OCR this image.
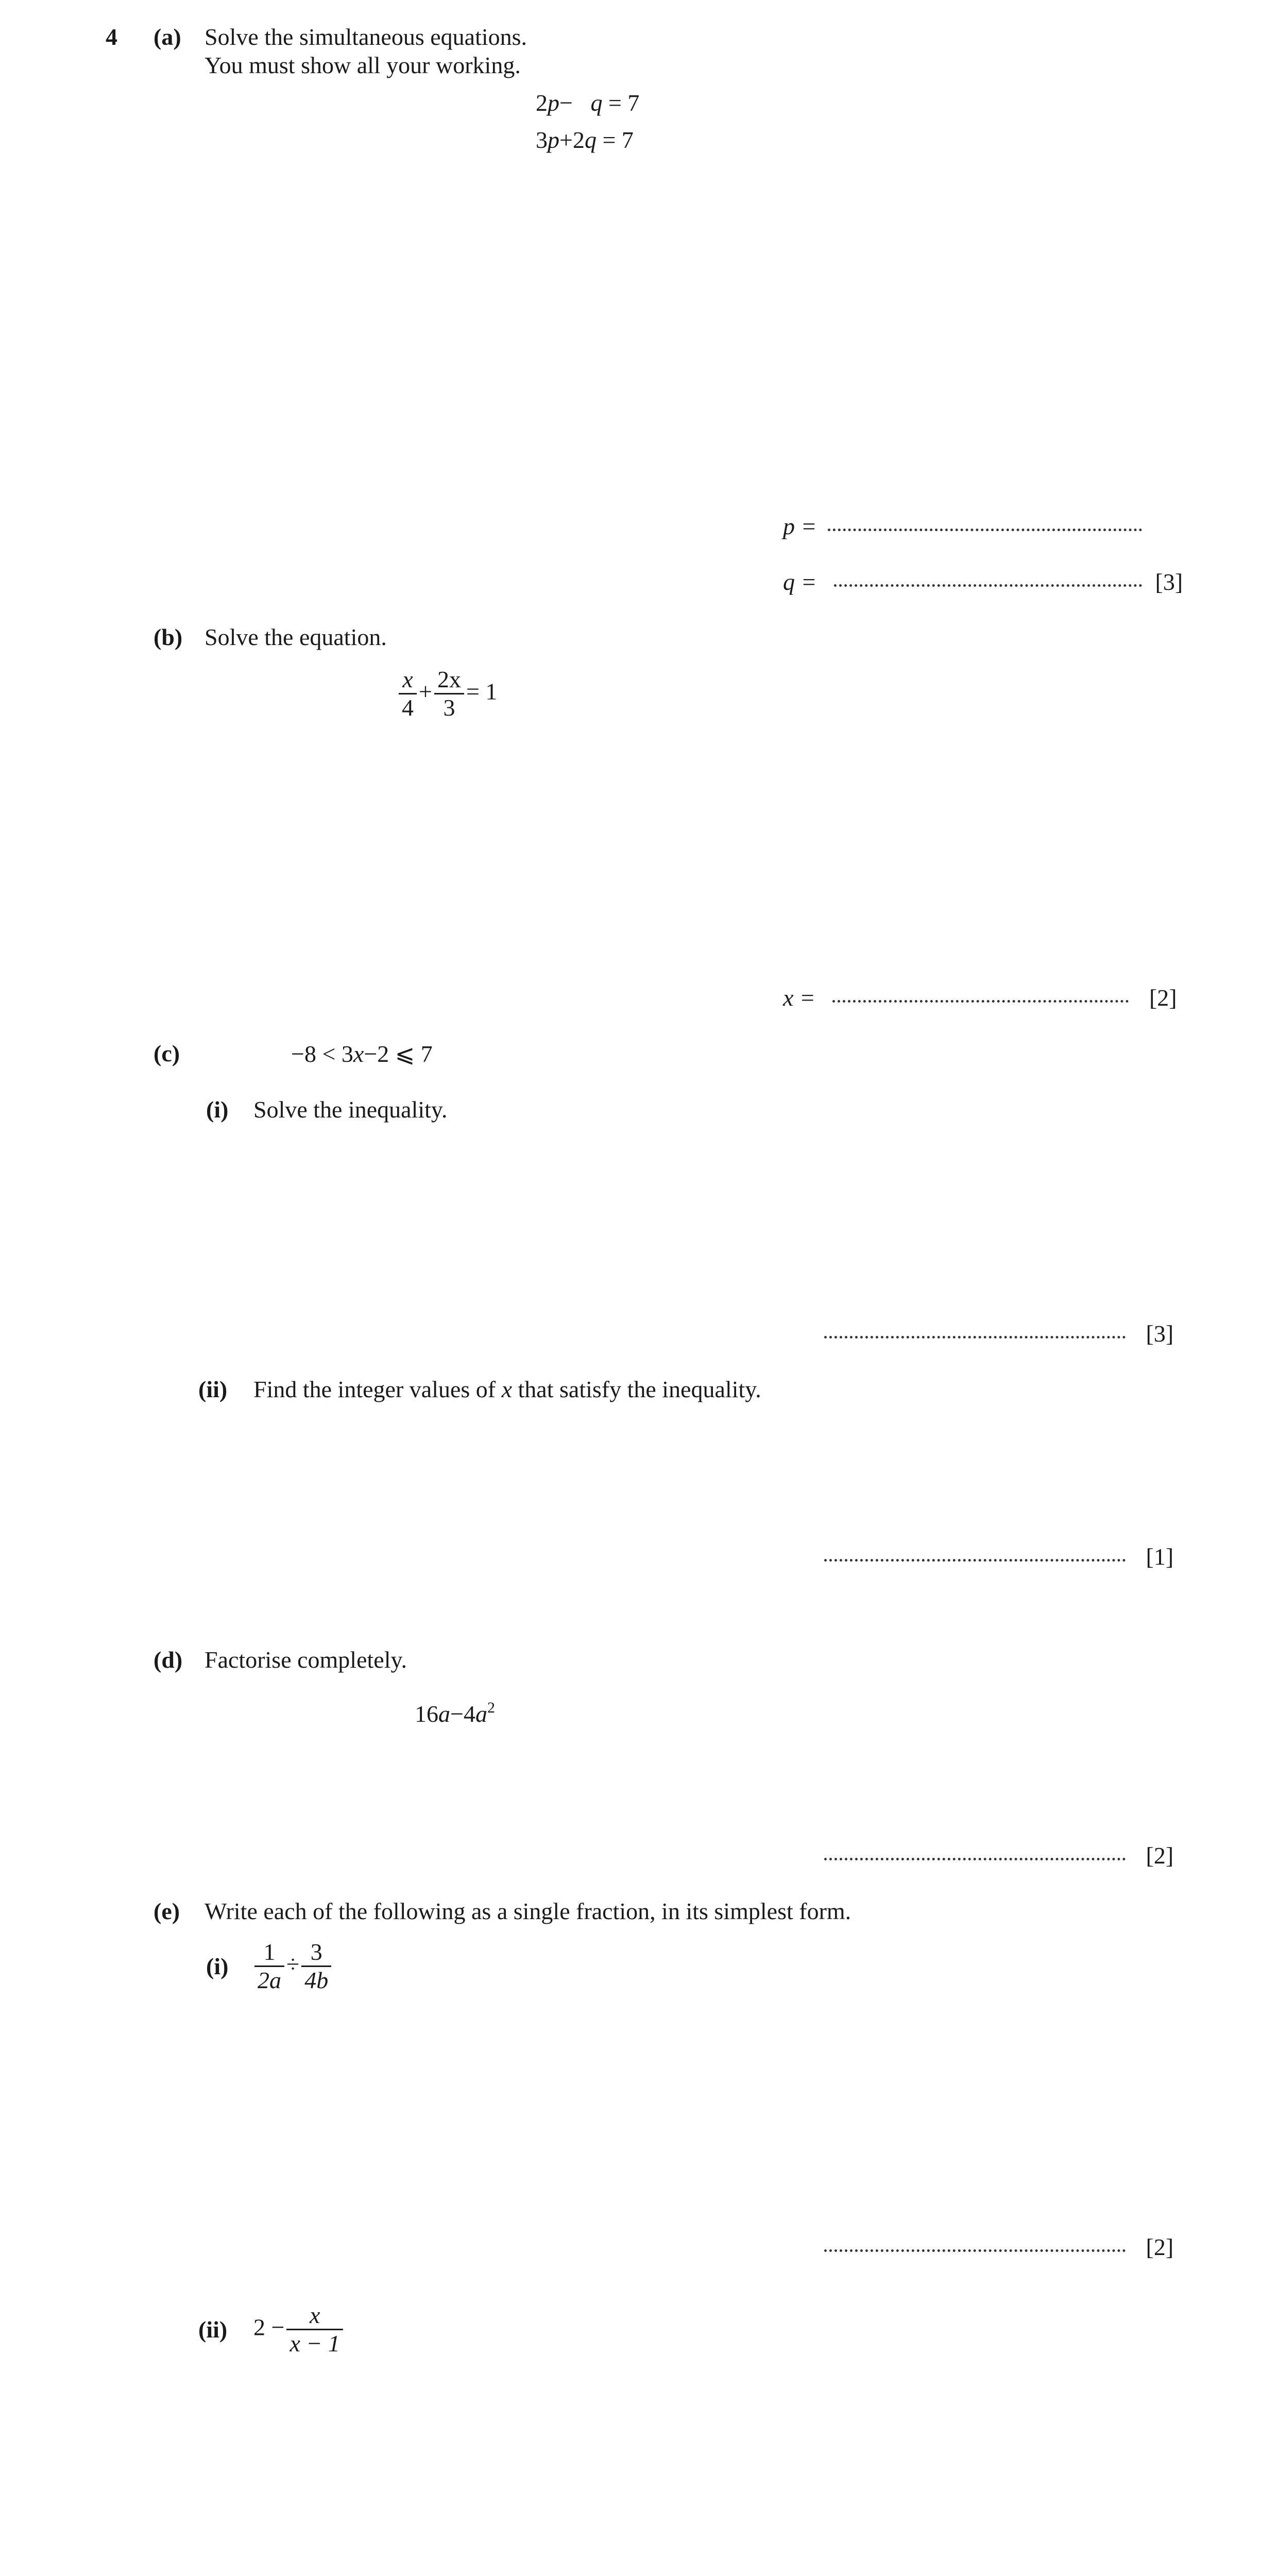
4 (a) Solve the simultaneous equations.
You must show all your working.
2p− q = 7
3p+2q = 7
p =
q =	[3]
(b) Solve the equation.
$\frac{x}{4} + \frac{2x}{3} = 1$
x =	[2]
(c)	−8 < 3x−2 ⩽ 7
(i) Solve the inequality.
[3]
(ii) Find the integer values of x that satisfy the inequality.
[1]
(d) Factorise completely.
$16a-4a^2$
[2]
(e) Write each of the following as a single fraction, in its simplest form.
$(i) \frac{1}{2a} \div \frac{3}{4b}$
[2]
(ii) $2 - \frac{x}{x - 1}$
